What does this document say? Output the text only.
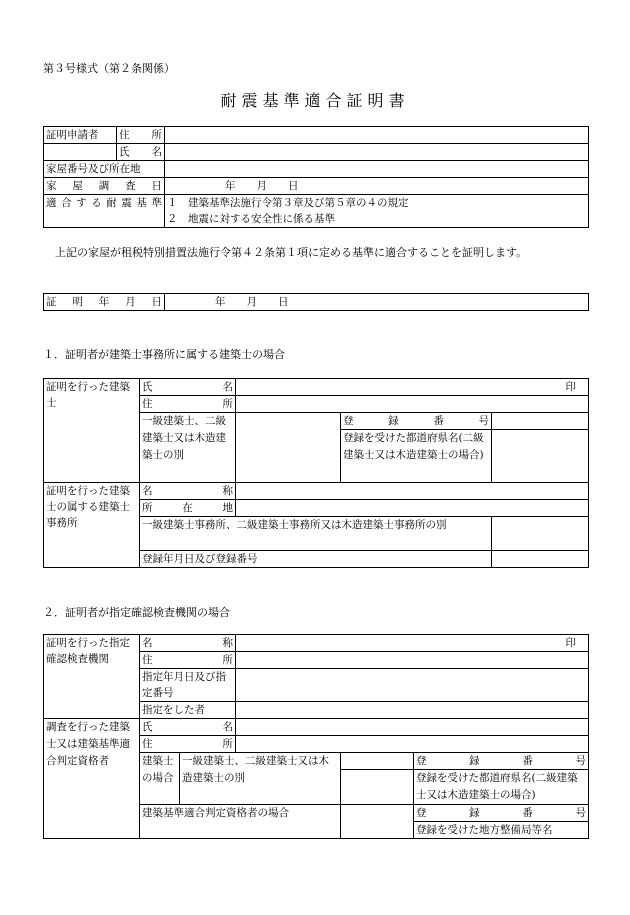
第３号様式（第２条関係）
耐震基準適合証明書
証明申請者	住所	
	氏名	
家屋番号及び所在地		
家屋調査日		年　　月　　日
適合する耐震基準		１　建築基準法施行令第３章及び第５章の４の規定
２　地震に対する安全性に係る基準
上記の家屋が租税特別措置法施行令第４２条第１項に定める基準に適合することを証明します。
証明年月日	年　　月　　日
１．証明者が建築士事務所に属する建築士の場合
証明を行った建築士	氏名	印		
	住所			
	一級建築士、二級建築士又は木造建築士の別		登録番号	
			登録を受けた都道府県名(二級建築士又は木造建築士の場合)	
証明を行った建築士の属する建築士事務所	名称			
	所在地			
	一級建築士事務所、二級建築士事務所又は木造建築士事務所の別			
	登録年月日及び登録番号			
２．証明者が指定確認検査機関の場合
証明を行った指定確認検査機関	名称		印		
	住所				
	指定年月日及び指定番号				
	指定をした者				
調査を行った建築士又は建築基準適合判定資格者	氏名				
	住所				
	建築士の場合	一級建築士、二級建築士又は木造建築士の別			登録番号
					登録を受けた都道府県名(二級建築士又は木造建築士の場合)
	建築基準適合判定資格者の場合				登録番号
					登録を受けた地方整備局等名
